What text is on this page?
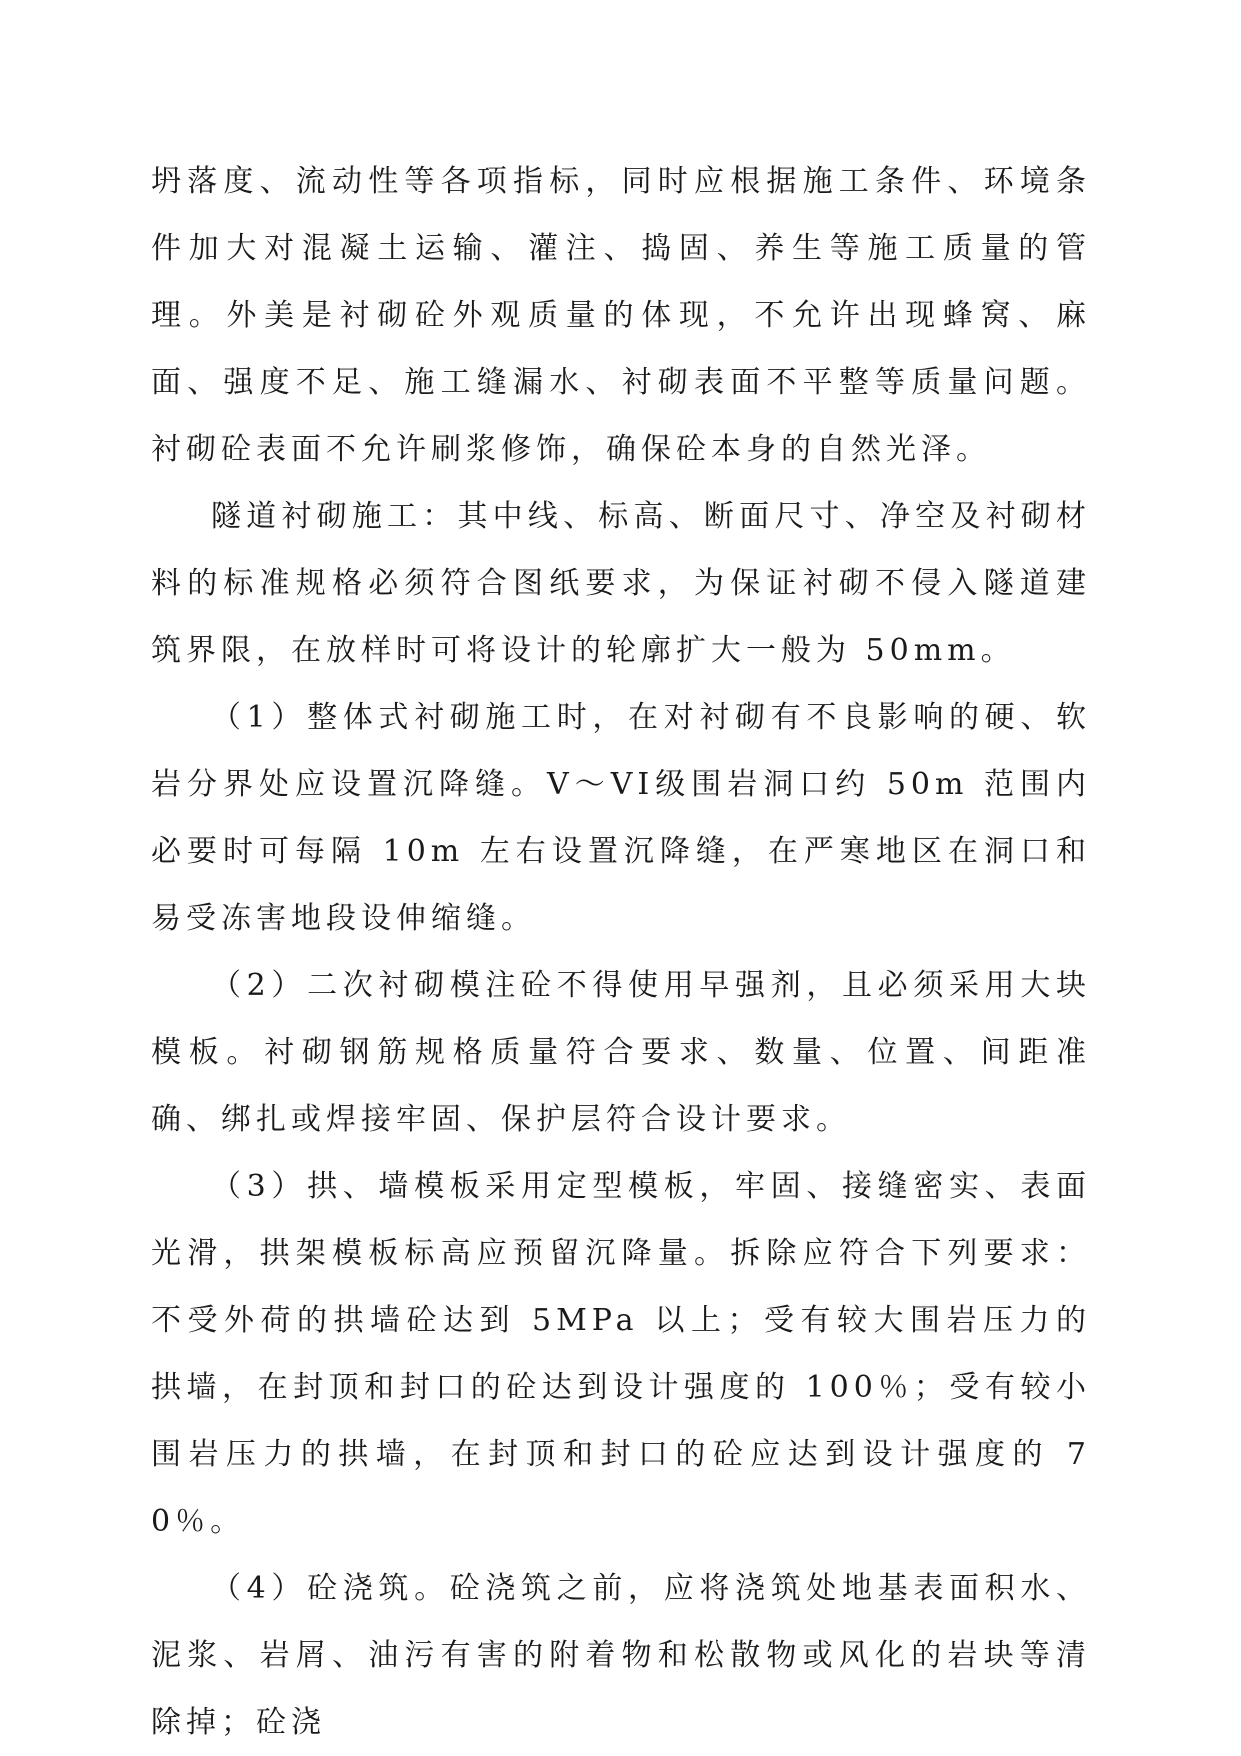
坍落度、流动性等各项指标，同时应根据施工条件、环境条件加大对混凝土运输、灌注、捣固、养生等施工质量的管理。外美是衬砌砼外观质量的体现，不允许出现蜂窝、麻面、强度不足、施工缝漏水、衬砌表面不平整等质量问题。衬砌砼表面不允许刷浆修饰，确保砼本身的自然光泽。

隧道衬砌施工：其中线、标高、断面尺寸、净空及衬砌材料的标准规格必须符合图纸要求，为保证衬砌不侵入隧道建筑界限，在放样时可将设计的轮廓扩大一般为 50mm。

（1）整体式衬砌施工时，在对衬砌有不良影响的硬、软岩分界处应设置沉降缝。V～VI级围岩洞口约 50m 范围内必要时可每隔 10m 左右设置沉降缝，在严寒地区在洞口和易受冻害地段设伸缩缝。

（2）二次衬砌模注砼不得使用早强剂，且必须采用大块模板。衬砌钢筋规格质量符合要求、数量、位置、间距准确、绑扎或焊接牢固、保护层符合设计要求。

（3）拱、墙模板采用定型模板，牢固、接缝密实、表面光滑，拱架模板标高应预留沉降量。拆除应符合下列要求：不受外荷的拱墙砼达到 5MPa 以上；受有较大围岩压力的拱墙，在封顶和封口的砼达到设计强度的 100％；受有较小围岩压力的拱墙，在封顶和封口的砼应达到设计强度的 70％。

（4）砼浇筑。砼浇筑之前，应将浇筑处地基表面积水、泥浆、岩屑、油污有害的附着物和松散物或风化的岩块等清除掉；砼浇
